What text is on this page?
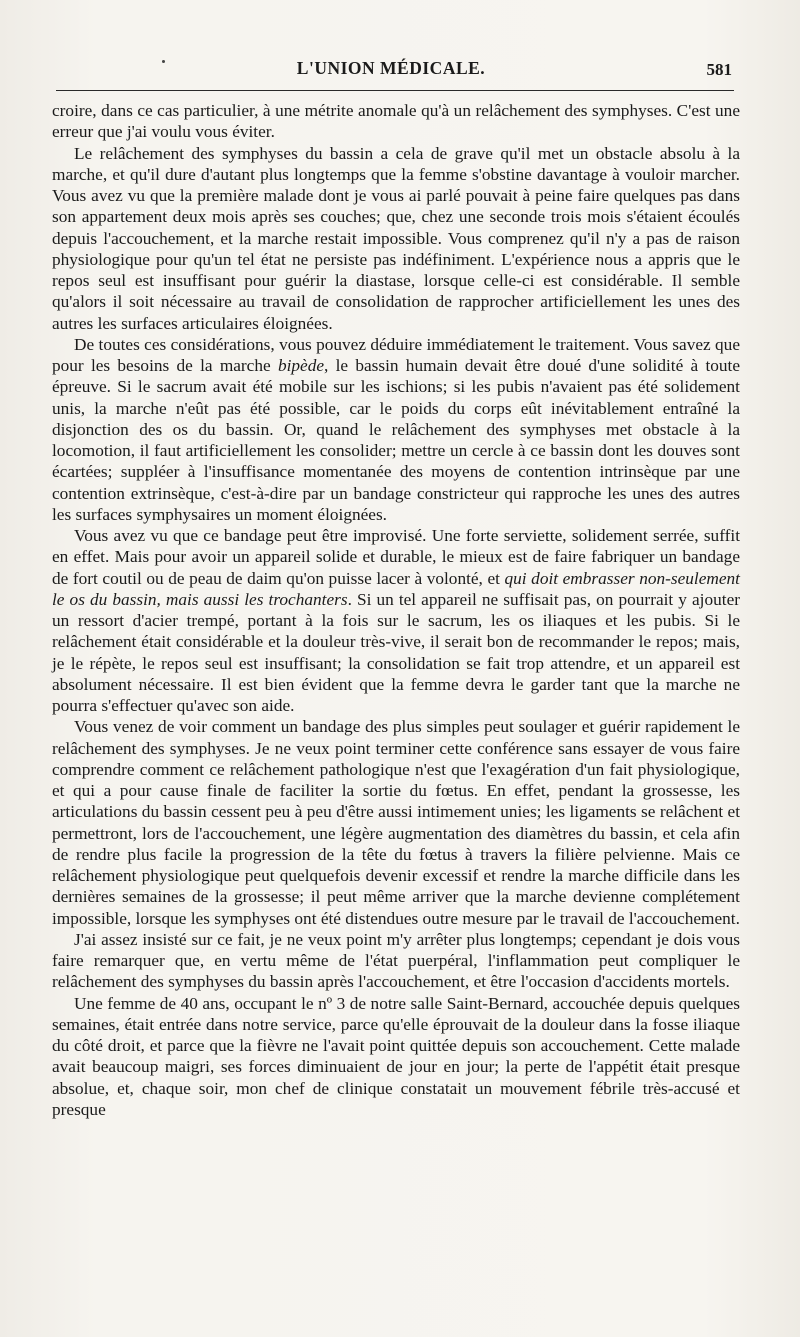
L'UNION MÉDICALE.	581

croire, dans ce cas particulier, à une métrite anomale qu'à un relâchement des symphyses. C'est une erreur que j'ai voulu vous éviter.

Le relâchement des symphyses du bassin a cela de grave qu'il met un obstacle absolu à la marche, et qu'il dure d'autant plus longtemps que la femme s'obstine davantage à vouloir marcher. Vous avez vu que la première malade dont je vous ai parlé pouvait à peine faire quelques pas dans son appartement deux mois après ses couches; que, chez une seconde trois mois s'étaient écoulés depuis l'accouchement, et la marche restait impossible. Vous comprenez qu'il n'y a pas de raison physiologique pour qu'un tel état ne persiste pas indéfiniment. L'expérience nous a appris que le repos seul est insuffisant pour guérir la diastase, lorsque celle-ci est considérable. Il semble qu'alors il soit nécessaire au travail de consolidation de rapprocher artificiellement les unes des autres les surfaces articulaires éloignées.

De toutes ces considérations, vous pouvez déduire immédiatement le traitement. Vous savez que pour les besoins de la marche bipède, le bassin humain devait être doué d'une solidité à toute épreuve. Si le sacrum avait été mobile sur les ischions; si les pubis n'avaient pas été solidement unis, la marche n'eût pas été possible, car le poids du corps eût inévitablement entraîné la disjonction des os du bassin. Or, quand le relâchement des symphyses met obstacle à la locomotion, il faut artificiellement les consolider; mettre un cercle à ce bassin dont les douves sont écartées; suppléer à l'insuffisance momentanée des moyens de contention intrinsèque par une contention extrinsèque, c'est-à-dire par un bandage constricteur qui rapproche les unes des autres les surfaces symphysaires un moment éloignées.

Vous avez vu que ce bandage peut être improvisé. Une forte serviette, solidement serrée, suffit en effet. Mais pour avoir un appareil solide et durable, le mieux est de faire fabriquer un bandage de fort coutil ou de peau de daim qu'on puisse lacer à volonté, et qui doit embrasser non-seulement le os du bassin, mais aussi les trochanters. Si un tel appareil ne suffisait pas, on pourrait y ajouter un ressort d'acier trempé, portant à la fois sur le sacrum, les os iliaques et les pubis. Si le relâchement était considérable et la douleur très-vive, il serait bon de recommander le repos; mais, je le répète, le repos seul est insuffisant; la consolidation se fait trop attendre, et un appareil est absolument nécessaire. Il est bien évident que la femme devra le garder tant que la marche ne pourra s'effectuer qu'avec son aide.

Vous venez de voir comment un bandage des plus simples peut soulager et guérir rapidement le relâchement des symphyses. Je ne veux point terminer cette conférence sans essayer de vous faire comprendre comment ce relâchement pathologique n'est que l'exagération d'un fait physiologique, et qui a pour cause finale de faciliter la sortie du fœtus. En effet, pendant la grossesse, les articulations du bassin cessent peu à peu d'être aussi intimement unies; les ligaments se relâchent et permettront, lors de l'accouchement, une légère augmentation des diamètres du bassin, et cela afin de rendre plus facile la progression de la tête du fœtus à travers la filière pelvienne. Mais ce relâchement physiologique peut quelquefois devenir excessif et rendre la marche difficile dans les dernières semaines de la grossesse; il peut même arriver que la marche devienne complétement impossible, lorsque les symphyses ont été distendues outre mesure par le travail de l'accouchement.

J'ai assez insisté sur ce fait, je ne veux point m'y arrêter plus longtemps; cependant je dois vous faire remarquer que, en vertu même de l'état puerpéral, l'inflammation peut compliquer le relâchement des symphyses du bassin après l'accouchement, et être l'occasion d'accidents mortels.

Une femme de 40 ans, occupant le nº 3 de notre salle Saint-Bernard, accouchée depuis quelques semaines, était entrée dans notre service, parce qu'elle éprouvait de la douleur dans la fosse iliaque du côté droit, et parce que la fièvre ne l'avait point quittée depuis son accouchement. Cette malade avait beaucoup maigri, ses forces diminuaient de jour en jour; la perte de l'appétit était presque absolue, et, chaque soir, mon chef de clinique constatait un mouvement fébrile très-accusé et presque
